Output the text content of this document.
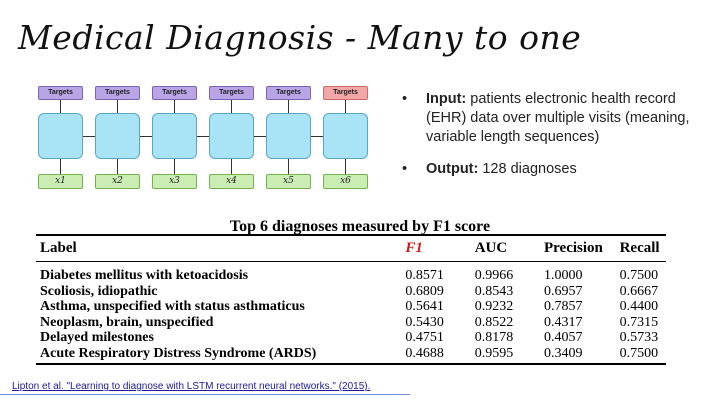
Medical Diagnosis - Many to one
Targets
x1
Targets
x2
Targets
x3
Targets
x4
Targets
x5
Targets
x6
•	Input: patients electronic health record (EHR) data over multiple visits (meaning, variable length sequences)
•	Output: 128 diagnoses
Top 6 diagnoses measured by F1 score
Label	F1	AUC	Precision	Recall
Diabetes mellitus with ketoacidosis	0.8571	0.9966	1.0000	0.7500
Scoliosis, idiopathic	0.6809	0.8543	0.6957	0.6667
Asthma, unspecified with status asthmaticus	0.5641	0.9232	0.7857	0.4400
Neoplasm, brain, unspecified	0.5430	0.8522	0.4317	0.7315
Delayed milestones	0.4751	0.8178	0.4057	0.5733
Acute Respiratory Distress Syndrome (ARDS)	0.4688	0.9595	0.3409	0.7500
Lipton et al. "Learning to diagnose with LSTM recurrent neural networks." (2015).
